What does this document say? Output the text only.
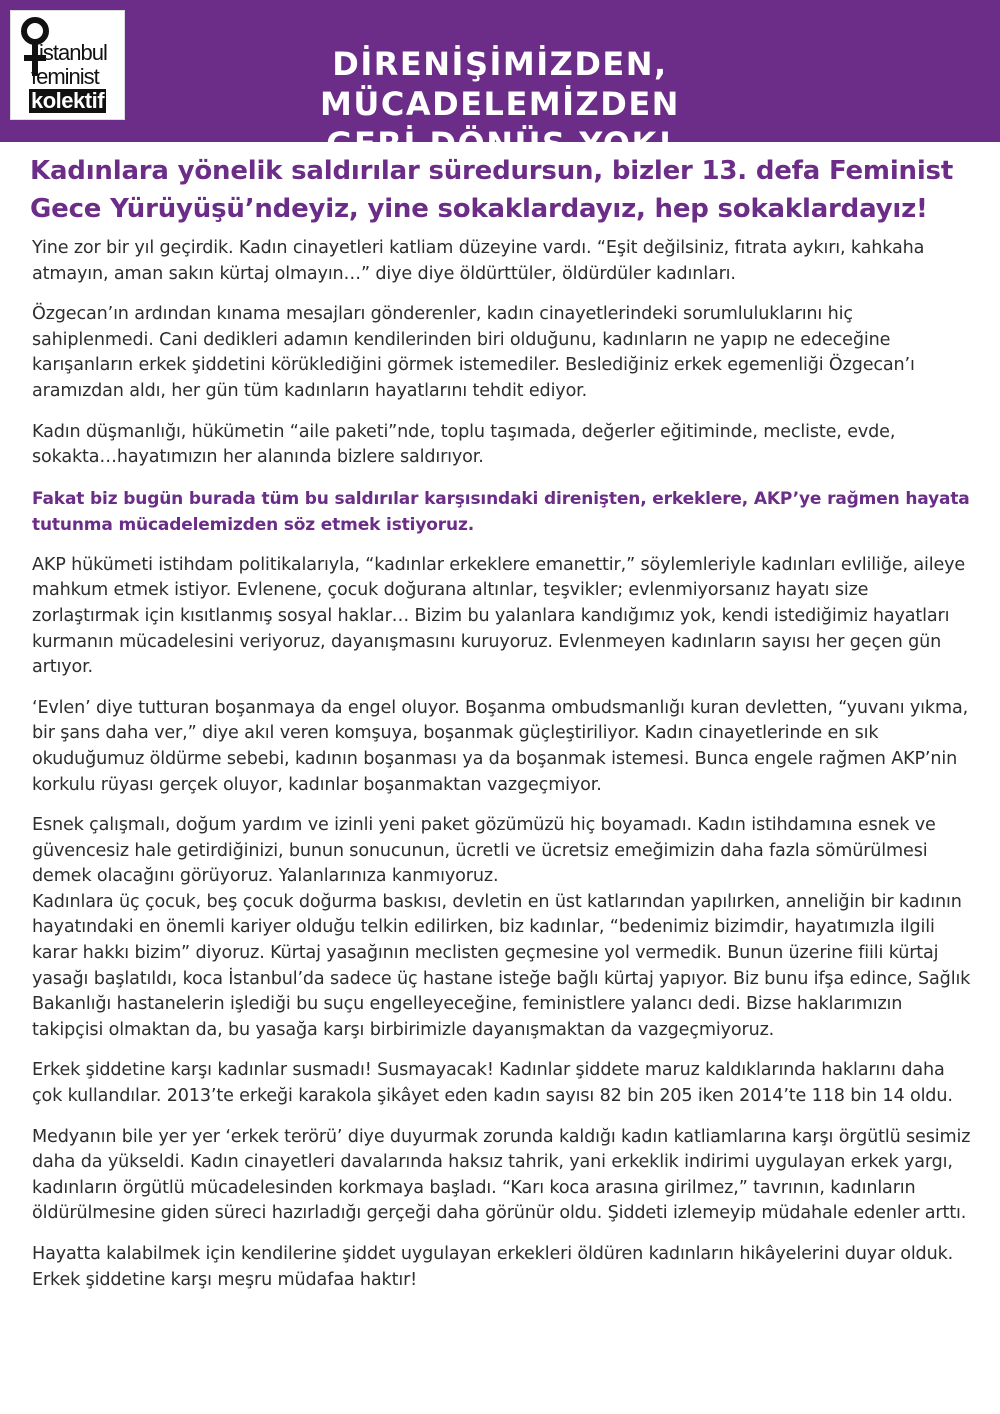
istanbul
feminist
kolektif
DİRENİŞİMİZDEN, MÜCADELEMİZDEN
GERİ DÖNÜŞ YOK!
Kadınlara yönelik saldırılar süredursun, bizler 13. defa Feminist Gece Yürüyüşü’ndeyiz, yine sokaklardayız, hep sokaklardayız!

Yine zor bir yıl geçirdik. Kadın cinayetleri katliam düzeyine vardı. “Eşit değilsiniz, fıtrata aykırı, kahkaha atmayın, aman sakın kürtaj olmayın…” diye diye öldürttüler, öldürdüler kadınları.

Özgecan’ın ardından kınama mesajları gönderenler, kadın cinayetlerindeki sorumluluklarını hiç sahiplenmedi. Cani dedikleri adamın kendilerinden biri olduğunu, kadınların ne yapıp ne edeceğine karışanların erkek şiddetini körüklediğini görmek istemediler. Beslediğiniz erkek egemenliği Özgecan’ı aramızdan aldı, her gün tüm kadınların hayatlarını tehdit ediyor.

Kadın düşmanlığı, hükümetin “aile paketi”nde, toplu taşımada, değerler eğitiminde, mecliste, evde, sokakta…hayatımızın her alanında bizlere saldırıyor.

Fakat biz bugün burada tüm bu saldırılar karşısındaki direnişten, erkeklere, AKP’ye rağmen hayata tutunma mücadelemizden söz etmek istiyoruz.

AKP hükümeti istihdam politikalarıyla, “kadınlar erkeklere emanettir,” söylemleriyle kadınları evliliğe, aileye mahkum etmek istiyor. Evlenene, çocuk doğurana altınlar, teşvikler; evlenmiyorsanız hayatı size zorlaştırmak için kısıtlanmış sosyal haklar… Bizim bu yalanlara kandığımız yok, kendi istediğimiz hayatları kurmanın mücadelesini veriyoruz, dayanışmasını kuruyoruz. Evlenmeyen kadınların sayısı her geçen gün artıyor.

‘Evlen’ diye tutturan boşanmaya da engel oluyor. Boşanma ombudsmanlığı kuran devletten, “yuvanı yıkma, bir şans daha ver,” diye akıl veren komşuya, boşanmak güçleştiriliyor. Kadın cinayetlerinde en sık okuduğumuz öldürme sebebi, kadının boşanması ya da boşanmak istemesi. Bunca engele rağmen AKP’nin korkulu rüyası gerçek oluyor, kadınlar boşanmaktan vazgeçmiyor.

Esnek çalışmalı, doğum yardım ve izinli yeni paket gözümüzü hiç boyamadı. Kadın istihdamına esnek ve güvencesiz hale getirdiğinizi, bunun sonucunun, ücretli ve ücretsiz emeğimizin daha fazla sömürülmesi demek olacağını görüyoruz. Yalanlarınıza kanmıyoruz.

Kadınlara üç çocuk, beş çocuk doğurma baskısı, devletin en üst katlarından yapılırken, anneliğin bir kadının hayatındaki en önemli kariyer olduğu telkin edilirken, biz kadınlar, “bedenimiz bizimdir, hayatımızla ilgili karar hakkı bizim” diyoruz. Kürtaj yasağının meclisten geçmesine yol vermedik. Bunun üzerine fiili kürtaj yasağı başlatıldı, koca İstanbul’da sadece üç hastane isteğe bağlı kürtaj yapıyor. Biz bunu ifşa edince, Sağlık Bakanlığı hastanelerin işlediği bu suçu engelleyeceğine, feministlere yalancı dedi. Bizse haklarımızın takipçisi olmaktan da, bu yasağa karşı birbirimizle dayanışmaktan da vazgeçmiyoruz.

Erkek şiddetine karşı kadınlar susmadı! Susmayacak! Kadınlar şiddete maruz kaldıklarında haklarını daha çok kullandılar. 2013’te erkeği karakola şikâyet eden kadın sayısı 82 bin 205 iken 2014’te 118 bin 14 oldu.

Medyanın bile yer yer ‘erkek terörü’ diye duyurmak zorunda kaldığı kadın katliamlarına karşı örgütlü sesimiz daha da yükseldi. Kadın cinayetleri davalarında haksız tahrik, yani erkeklik indirimi uygulayan erkek yargı, kadınların örgütlü mücadelesinden korkmaya başladı. “Karı koca arasına girilmez,” tavrının, kadınların öldürülmesine giden süreci hazırladığı gerçeği daha görünür oldu. Şiddeti izlemeyip müdahale edenler arttı.

Hayatta kalabilmek için kendilerine şiddet uygulayan erkekleri öldüren kadınların hikâyelerini duyar olduk. Erkek şiddetine karşı meşru müdafaa haktır!
